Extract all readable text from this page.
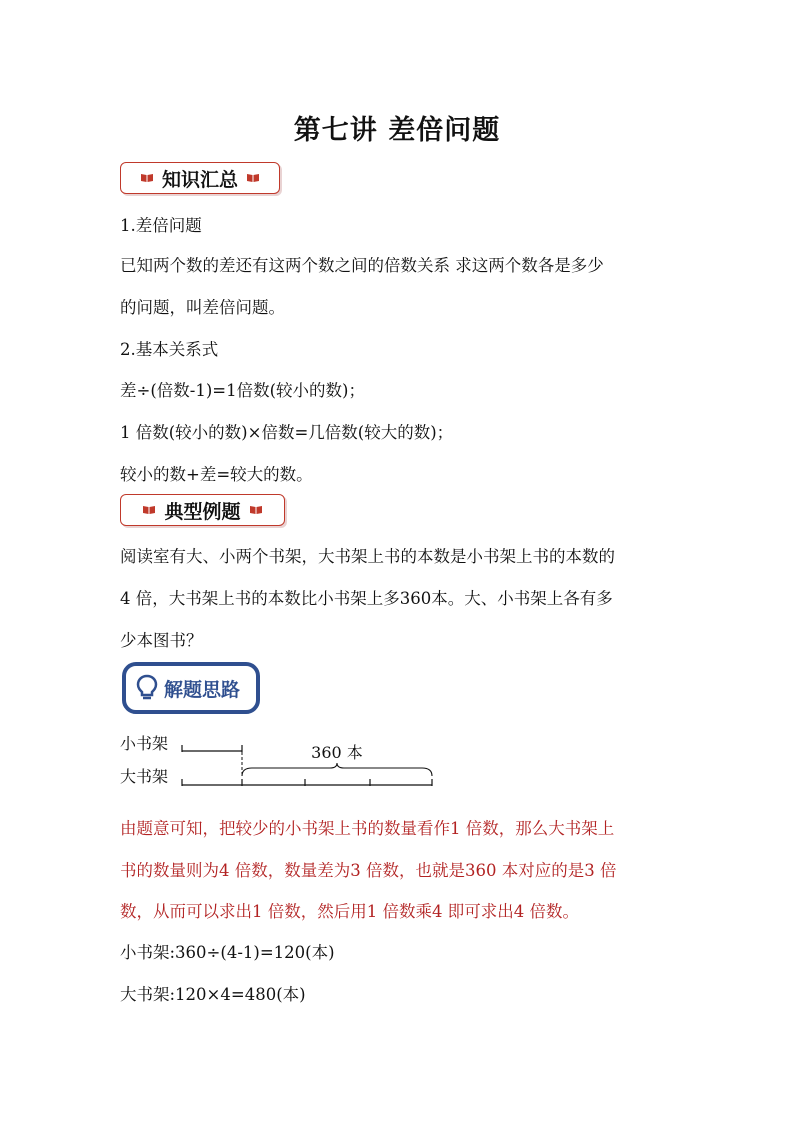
第七讲 差倍问题
知识汇总
1.差倍问题
已知两个数的差还有这两个数之间的倍数关系 求这两个数各是多少
的问题，叫差倍问题。
2.基本关系式
差÷(倍数-1)=1倍数(较小的数)；
1 倍数(较小的数)×倍数=几倍数(较大的数)；
较小的数+差=较大的数。
典型例题
阅读室有大、小两个书架，大书架上书的本数是小书架上书的本数的
4 倍，大书架上书的本数比小书架上多360本。大、小书架上各有多
少本图书？
解题思路
小书架
大书架
360 本
由题意可知，把较少的小书架上书的数量看作1 倍数，那么大书架上
书的数量则为4 倍数，数量差为3 倍数，也就是360 本对应的是3 倍
数，从而可以求出1 倍数，然后用1 倍数乘4 即可求出4 倍数。
小书架:360÷(4-1)=120(本)
大书架:120×4=480(本)
